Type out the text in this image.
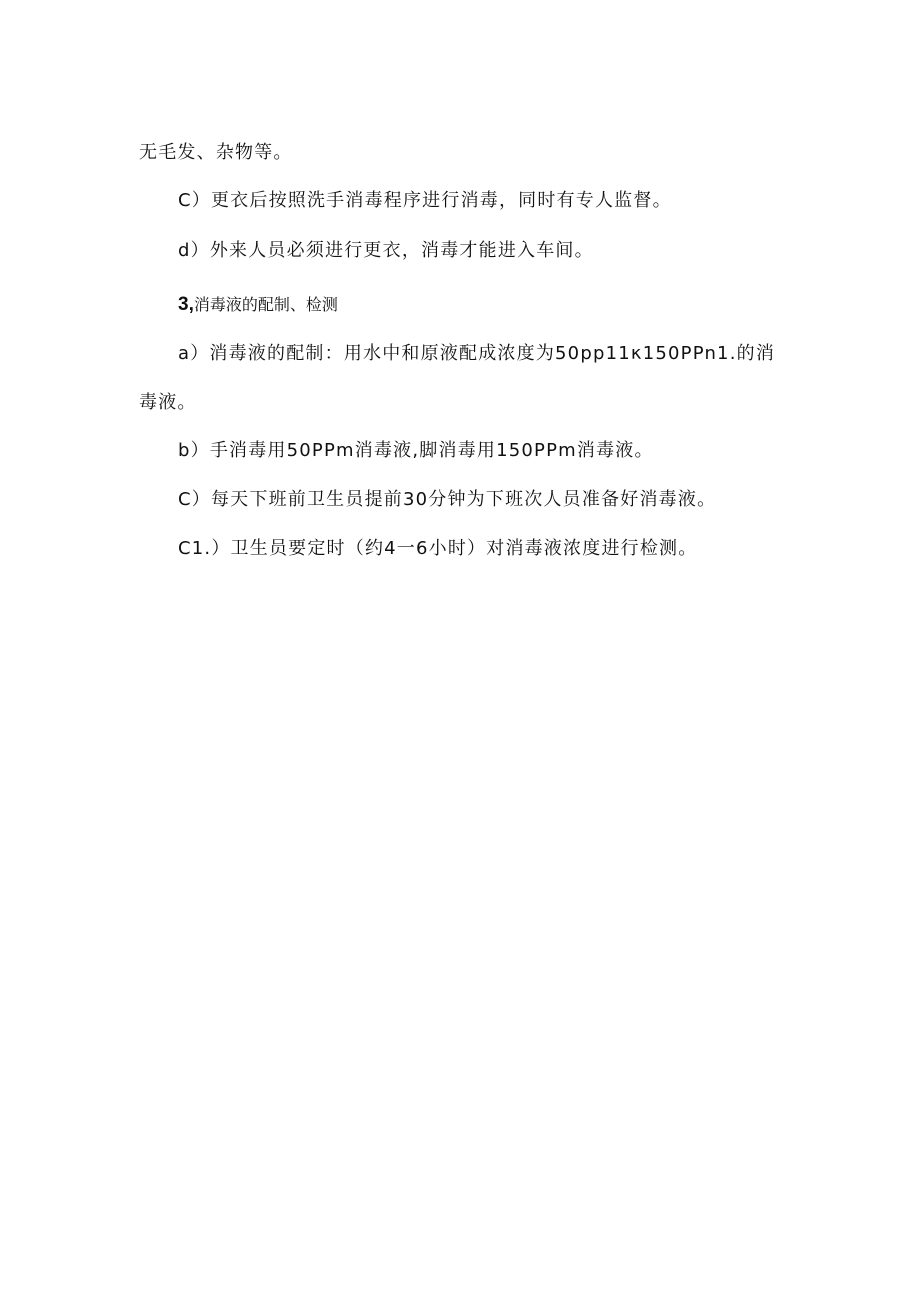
无毛发、杂物等。
C）更衣后按照洗手消毒程序进行消毒，同时有专人监督。
d）外来人员必须进行更衣，消毒才能进入车间。
3,消毒液的配制、检测
a）消毒液的配制：用水中和原液配成浓度为50pp11κ150PPn1.的消
毒液。
b）手消毒用50PPm消毒液,脚消毒用150PPm消毒液。
C）每天下班前卫生员提前30分钟为下班次人员准备好消毒液。
C1.）卫生员要定时（约4一6小时）对消毒液浓度进行检测。
